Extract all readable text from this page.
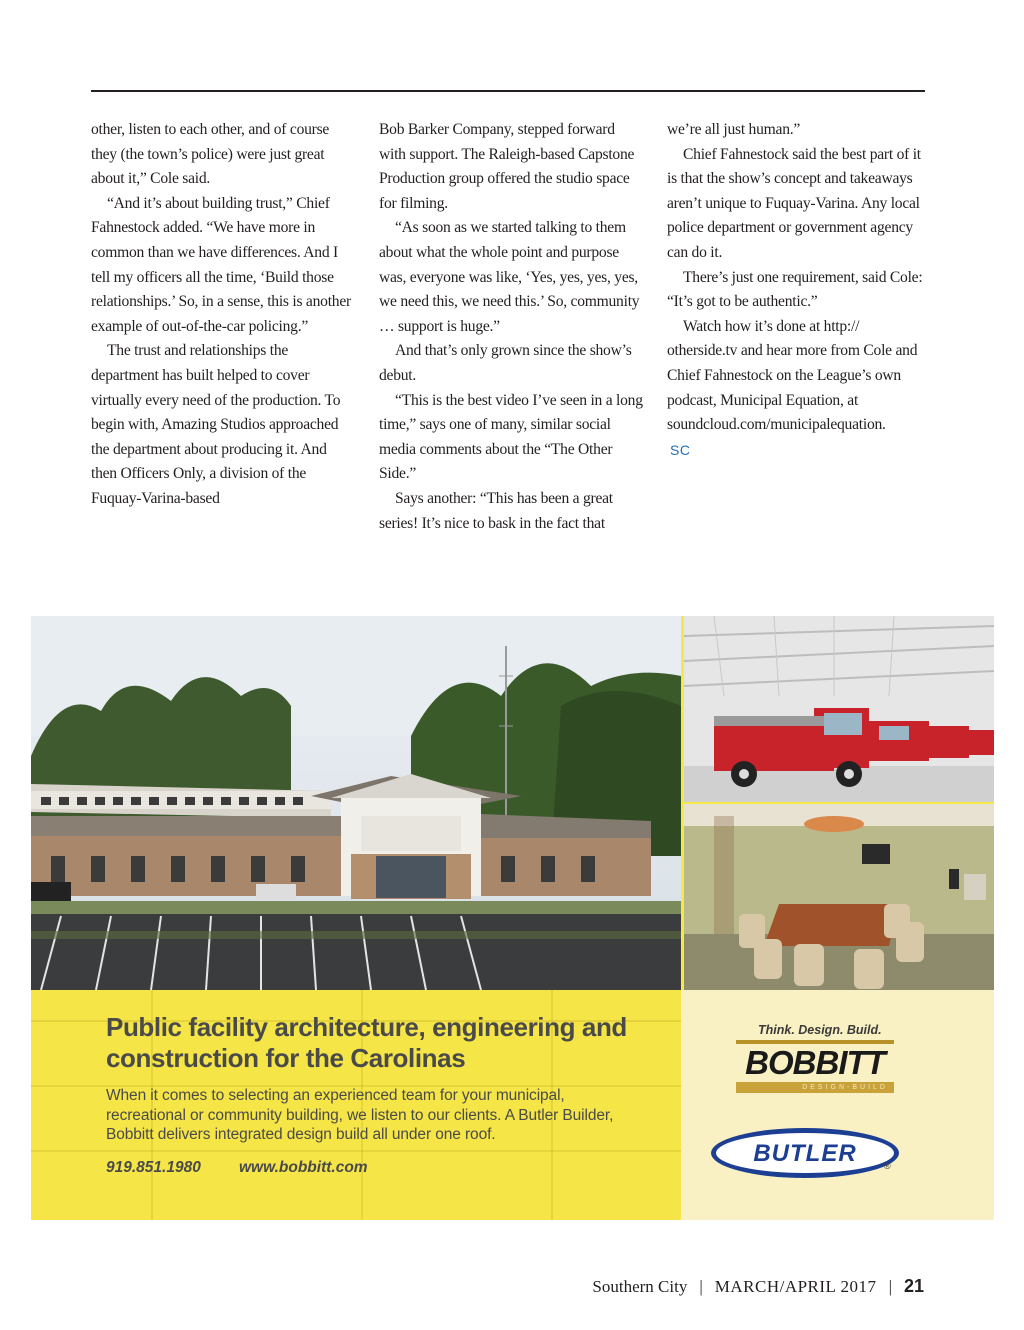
other, listen to each other, and of course they (the town’s police) were just great about it,” Cole said.

“And it’s about building trust,” Chief Fahnestock added. “We have more in common than we have differences. And I tell my officers all the time, ‘Build those relationships.’ So, in a sense, this is another example of out-of-the-car policing.”

The trust and relationships the department has built helped to cover virtually every need of the production. To begin with, Amazing Studios approached the department about producing it. And then Officers Only, a division of the Fuquay-Varina-based

Bob Barker Company, stepped forward with support. The Raleigh-based Capstone Production group offered the studio space for filming.

“As soon as we started talking to them about what the whole point and purpose was, everyone was like, ‘Yes, yes, yes, yes, we need this, we need this.’ So, community … support is huge.”

And that’s only grown since the show’s debut.

“This is the best video I’ve seen in a long time,” says one of many, similar social media comments about the “The Other Side.”

Says another: “This has been a great series! It’s nice to bask in the fact that

we’re all just human.”

Chief Fahnestock said the best part of it is that the show’s concept and takeaways aren’t unique to Fuquay-Varina. Any local police department or government agency can do it.

There’s just one requirement, said Cole: “It’s got to be authentic.”

Watch how it’s done at http:// otherside.tv and hear more from Cole and Chief Fahnestock on the League’s own podcast, Municipal Equation, at soundcloud.com/municipalequation.

SC

Public facility architecture, engineering and construction for the Carolinas
When it comes to selecting an experienced team for your municipal, recreational or community building, we listen to our clients. A Butler Builder, Bobbitt delivers integrated design build all under one roof.
919.851.1980 www.bobbitt.com
Think. Design. Build.
BOBBITT
DESIGN-BUILD
BUTLER	®
Southern City | MARCH/APRIL 2017 | 21
